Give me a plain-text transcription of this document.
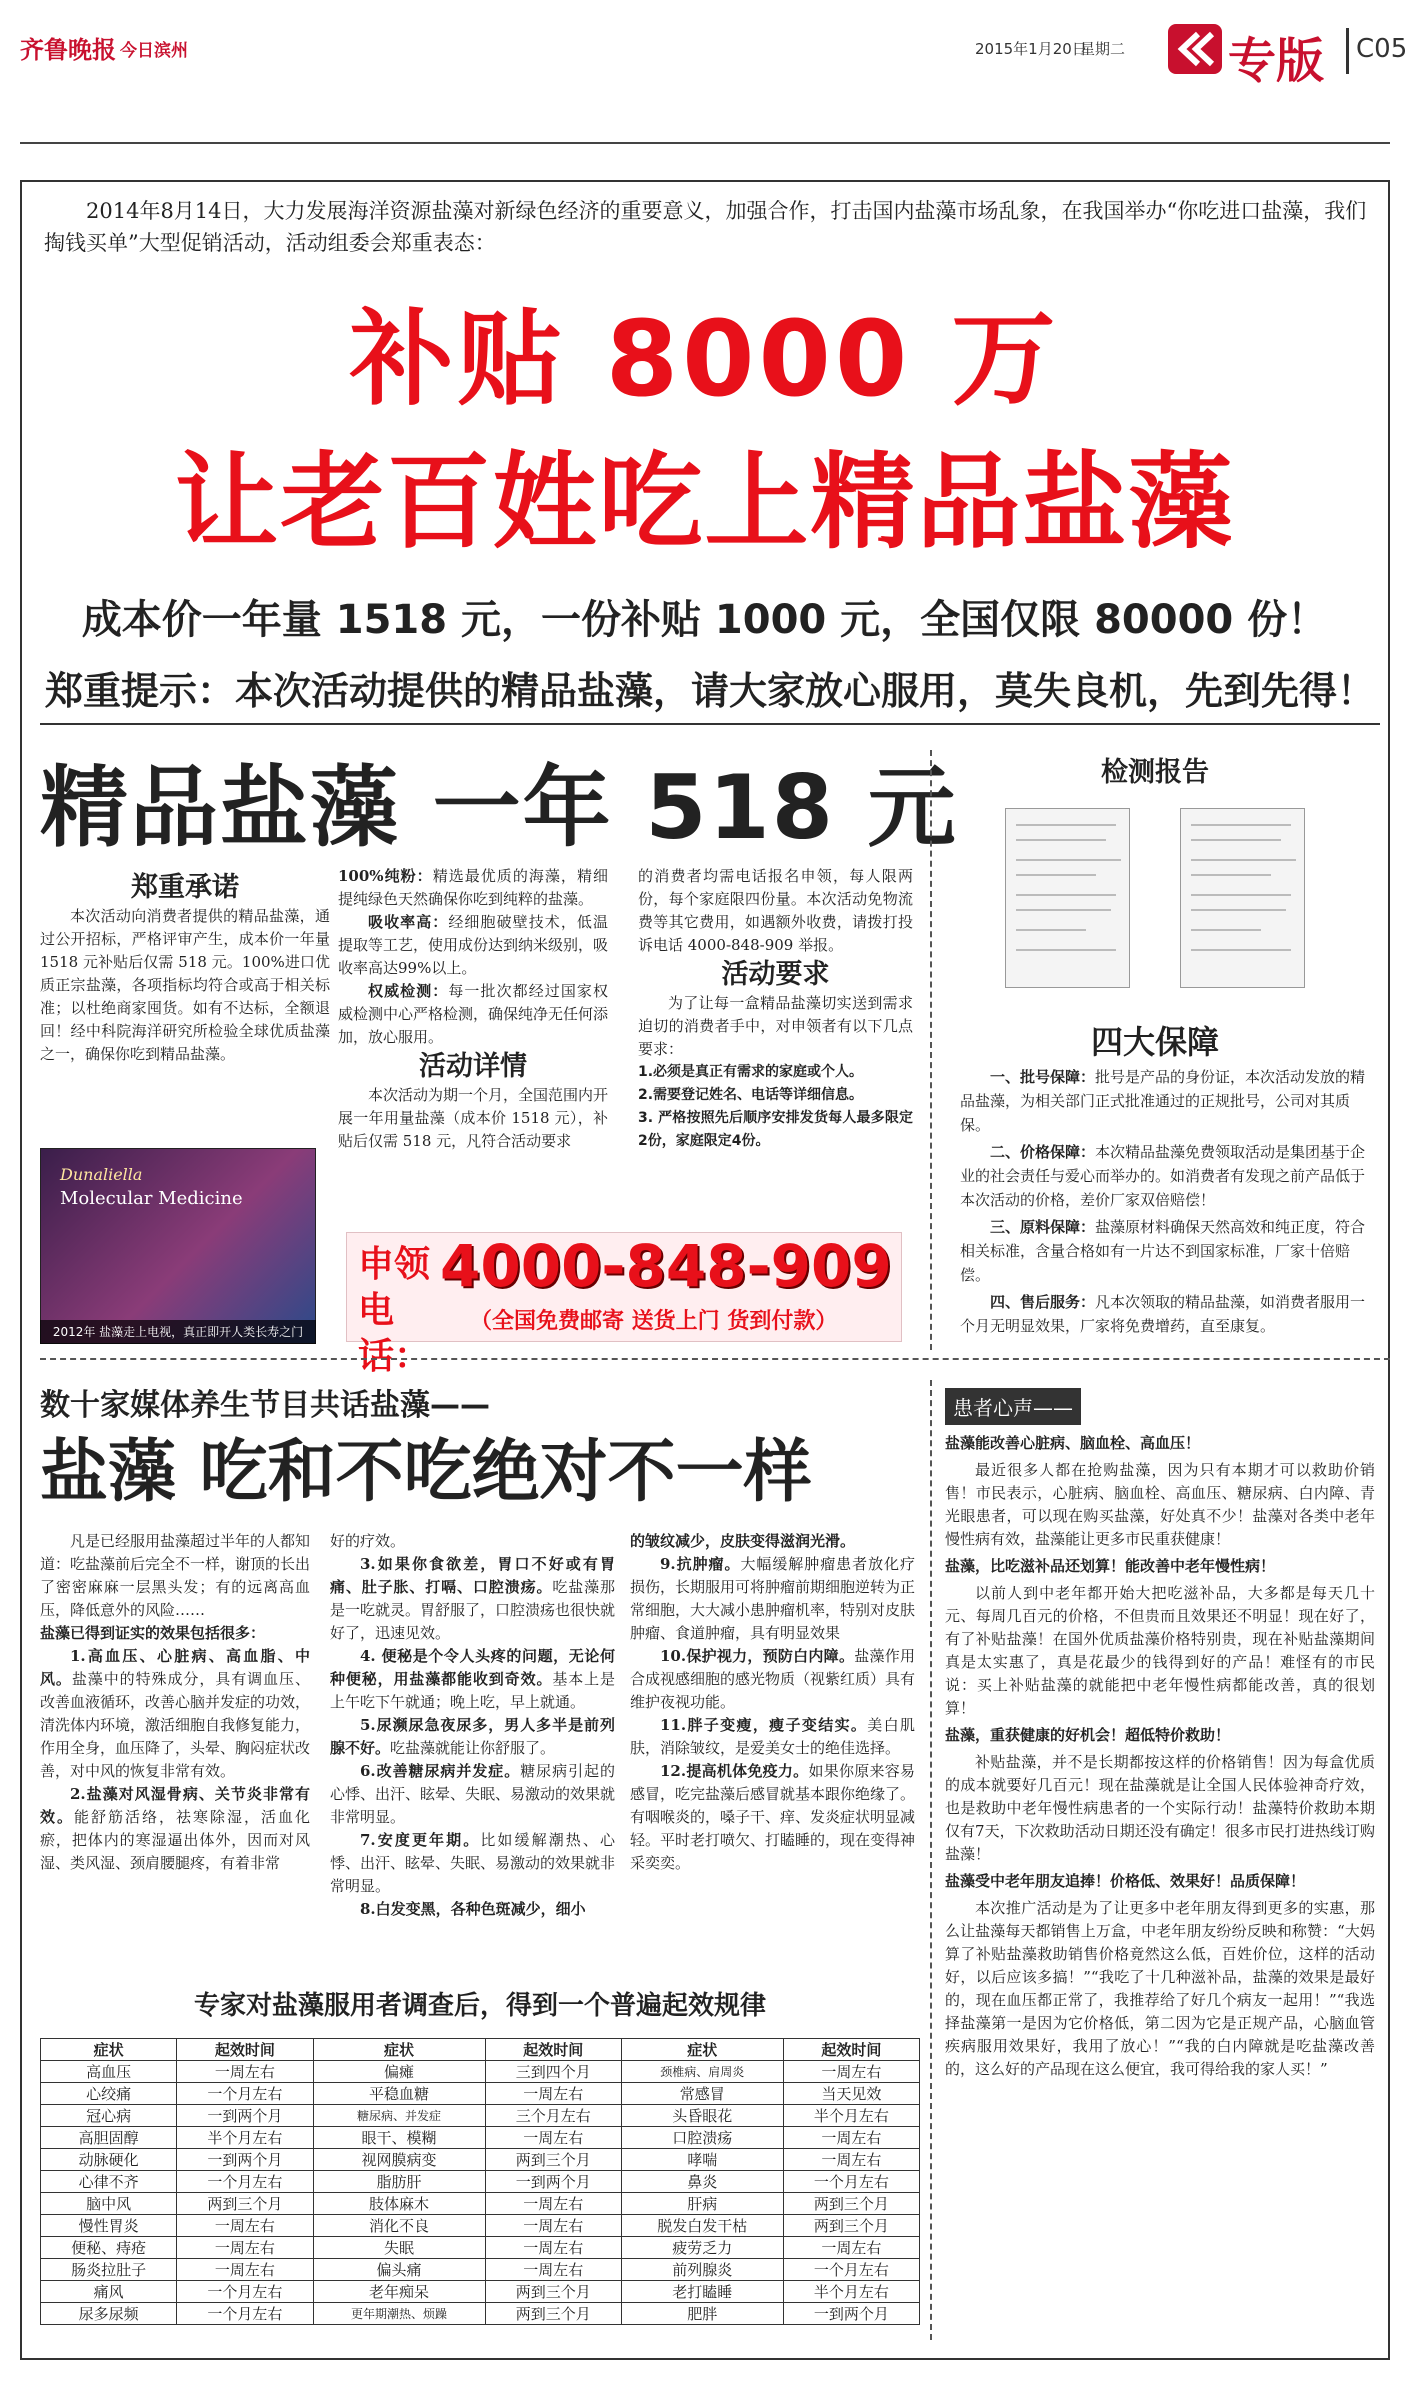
齐鲁晚报 今日滨州	2015年1月20日
星期二 专版 C05
2014年8月14日，大力发展海洋资源盐藻对新绿色经济的重要意义，加强合作，打击国内盐藻市场乱象，在我国举办“你吃进口盐藻，我们掏钱买单”大型促销活动，活动组委会郑重表态：
补贴 8000 万
让老百姓吃上精品盐藻
成本价一年量 1518 元，一份补贴 1000 元，全国仅限 80000 份！
郑重提示：本次活动提供的精品盐藻，请大家放心服用，莫失良机，先到先得！
精品盐藻 一年 518 元
郑重承诺
本次活动向消费者提供的精品盐藻，通过公开招标，严格评审产生，成本价一年量 1518 元补贴后仅需 518 元。100%进口优质正宗盐藻，各项指标均符合或高于相关标准；以杜绝商家囤货。如有不达标，全额退回！经中科院海洋研究所检验全球优质盐藻之一，确保你吃到精品盐藻。
Dunaliella
Molecular Medicine
2012年 盐藻走上电视，真正即开人类长寿之门

100%纯粉：精选最优质的海藻，精细提纯绿色天然确保你吃到纯粹的盐藻。

吸收率高：经细胞破壁技术，低温提取等工艺，使用成份达到纳米级别，吸收率高达99%以上。

权威检测：每一批次都经过国家权威检测中心严格检测，确保纯净无任何添加，放心服用。

活动详情

本次活动为期一个月，全国范围内开展一年用量盐藻（成本价 1518 元），补贴后仅需 518 元，凡符合活动要求

的消费者均需电话报名申领，每人限两份，每个家庭限四份量。本次活动免物流费等其它费用，如遇额外收费，请拨打投诉电话 4000-848-909 举报。

活动要求

为了让每一盒精品盐藻切实送到需求迫切的消费者手中，对申领者有以下几点要求：

1.必须是真正有需求的家庭或个人。

2.需要登记姓名、电话等详细信息。

3. 严格按照先后顺序安排发货每人最多限定2份，家庭限定4份。

申领电话：
4000-848-909
（全国免费邮寄 送货上门 货到付款）
检测报告
四大保障

一、批号保障：批号是产品的身份证，本次活动发放的精品盐藻，为相关部门正式批准通过的正规批号，公司对其质保。

二、价格保障：本次精品盐藻免费领取活动是集团基于企业的社会责任与爱心而举办的。如消费者有发现之前产品低于本次活动的价格，差价厂家双倍赔偿！

三、原料保障：盐藻原材料确保天然高效和纯正度，符合相关标准，含量合格如有一片达不到国家标准，厂家十倍赔偿。

四、售后服务：凡本次领取的精品盐藻，如消费者服用一个月无明显效果，厂家将免费增药，直至康复。

数十家媒体养生节目共话盐藻——
盐藻 吃和不吃绝对不一样

凡是已经服用盐藻超过半年的人都知道：吃盐藻前后完全不一样，谢顶的长出了密密麻麻一层黑头发；有的远离高血压，降低意外的风险……

盐藻已得到证实的效果包括很多：

1.高血压、心脏病、高血脂、中风。盐藻中的特殊成分，具有调血压、改善血液循环，改善心脑并发症的功效，清洗体内环境，激活细胞自我修复能力，作用全身，血压降了，头晕、胸闷症状改善，对中风的恢复非常有效。

2.盐藻对风湿骨病、关节炎非常有效。能舒筋活络，祛寒除湿，活血化瘀，把体内的寒湿逼出体外，因而对风湿、类风湿、颈肩腰腿疼，有着非常

好的疗效。

3.如果你食欲差，胃口不好或有胃痛、肚子胀、打嗝、口腔溃疡。吃盐藻那是一吃就灵。胃舒服了，口腔溃疡也很快就好了，迅速见效。

4. 便秘是个令人头疼的问题，无论何种便秘，用盐藻都能收到奇效。基本上是上午吃下午就通；晚上吃，早上就通。

5.尿濒尿急夜尿多，男人多半是前列腺不好。吃盐藻就能让你舒服了。

6.改善糖尿病并发症。糖尿病引起的心悸、出汗、眩晕、失眠、易激动的效果就非常明显。

7.安度更年期。比如缓解潮热、心悸、出汗、眩晕、失眠、易激动的效果就非常明显。

8.白发变黑，各种色斑减少，细小

的皱纹减少，皮肤变得滋润光滑。

9.抗肿瘤。大幅缓解肿瘤患者放化疗损伤，长期服用可将肿瘤前期细胞逆转为正常细胞，大大减小患肿瘤机率，特别对皮肤肿瘤、食道肿瘤，具有明显效果

10.保护视力，预防白内障。盐藻作用合成视感细胞的感光物质（视紫红质）具有维护夜视功能。

11.胖子变瘦，瘦子变结实。美白肌肤，消除皱纹，是爱美女士的绝佳选择。

12.提高机体免疫力。如果你原来容易感冒，吃完盐藻后感冒就基本跟你绝缘了。有咽喉炎的，嗓子干、痒、发炎症状明显减轻。平时老打喷欠、打瞌睡的，现在变得神采奕奕。

专家对盐藻服用者调查后，得到一个普遍起效规律
症状	起效时间	症状	起效时间	症状	起效时间
高血压	一周左右	偏瘫	三到四个月	颈椎病、肩周炎	一周左右
心绞痛	一个月左右	平稳血糖	一周左右	常感冒	当天见效
冠心病	一到两个月	糖尿病、并发症	三个月左右	头昏眼花	半个月左右
高胆固醇	半个月左右	眼干、模糊	一周左右	口腔溃疡	一周左右
动脉硬化	一到两个月	视网膜病变	两到三个月	哮喘	一周左右
心律不齐	一个月左右	脂肪肝	一到两个月	鼻炎	一个月左右
脑中风	两到三个月	肢体麻木	一周左右	肝病	两到三个月
慢性胃炎	一周左右	消化不良	一周左右	脱发白发干枯	两到三个月
便秘、痔疮	一周左右	失眠	一周左右	疲劳乏力	一周左右
肠炎拉肚子	一周左右	偏头痛	一周左右	前列腺炎	一个月左右
痛风	一个月左右	老年痴呆	两到三个月	老打瞌睡	半个月左右
尿多尿频	一个月左右	更年期潮热、烦躁	两到三个月	肥胖	一到两个月
患者心声——

盐藻能改善心脏病、脑血栓、高血压！

最近很多人都在抢购盐藻，因为只有本期才可以救助价销售！市民表示，心脏病、脑血栓、高血压、糖尿病、白内障、青光眼患者，可以现在购买盐藻，好处真不少！盐藻对各类中老年慢性病有效，盐藻能让更多市民重获健康！

盐藻，比吃滋补品还划算！能改善中老年慢性病！

以前人到中老年都开始大把吃滋补品，大多都是每天几十元、每周几百元的价格，不但贵而且效果还不明显！现在好了，有了补贴盐藻！在国外优质盐藻价格特别贵，现在补贴盐藻期间真是太实惠了，真是花最少的钱得到好的产品！难怪有的市民说：买上补贴盐藻的就能把中老年慢性病都能改善，真的很划算！

盐藻，重获健康的好机会！超低特价救助！

补贴盐藻，并不是长期都按这样的价格销售！因为每盒优质的成本就要好几百元！现在盐藻就是让全国人民体验神奇疗效，也是救助中老年慢性病患者的一个实际行动！盐藻特价救助本期仅有7天，下次救助活动日期还没有确定！很多市民打进热线订购盐藻！

盐藻受中老年朋友追捧！价格低、效果好！品质保障！

本次推广活动是为了让更多中老年朋友得到更多的实惠，那么让盐藻每天都销售上万盒，中老年朋友纷纷反映和称赞：“大妈算了补贴盐藻救助销售价格竟然这么低，百姓价位，这样的活动好，以后应该多搞！”“我吃了十几种滋补品，盐藻的效果是最好的，现在血压都正常了，我推荐给了好几个病友一起用！”“我选择盐藻第一是因为它价格低，第二因为它是正规产品，心脑血管疾病服用效果好，我用了放心！”“我的白内障就是吃盐藻改善的，这么好的产品现在这么便宜，我可得给我的家人买！”
